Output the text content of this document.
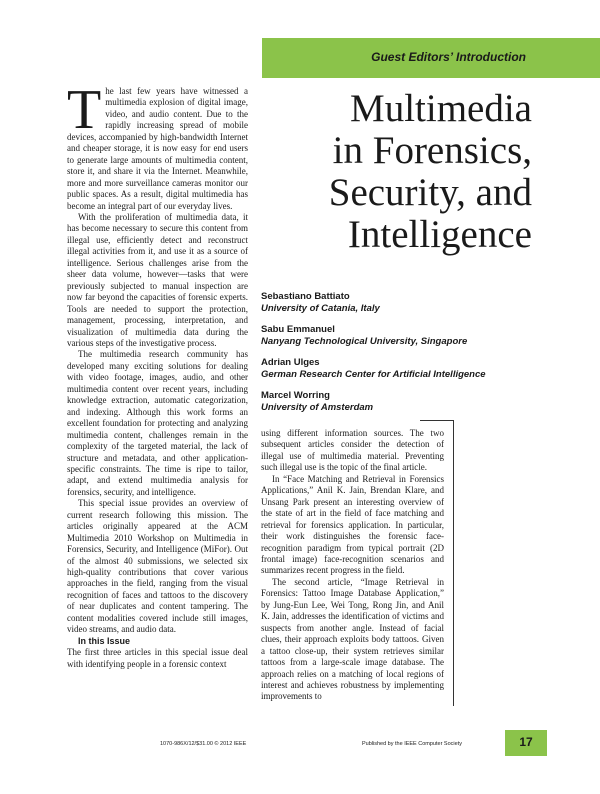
Guest Editors’ Introduction
Multimedia
in Forensics,
Security, and
Intelligence

The last few years have witnessed a multimedia explosion of digital image, video, and audio content. Due to the rapidly increasing spread of mobile devices, accompanied by high-bandwidth Internet and cheaper storage, it is now easy for end users to generate large amounts of multimedia content, store it, and share it via the Internet. Meanwhile, more and more surveillance cameras monitor our public spaces. As a result, digital multimedia has become an integral part of our everyday lives.

With the proliferation of multimedia data, it has become necessary to secure this content from illegal use, efficiently detect and reconstruct illegal activities from it, and use it as a source of intelligence. Serious challenges arise from the sheer data volume, however—tasks that were previously subjected to manual inspection are now far beyond the capacities of forensic experts. Tools are needed to support the protection, management, processing, interpretation, and visualization of multimedia data during the various steps of the investigative process.

The multimedia research community has developed many exciting solutions for dealing with video footage, images, audio, and other multimedia content over recent years, including knowledge extraction, automatic categorization, and indexing. Although this work forms an excellent foundation for protecting and analyzing multimedia content, challenges remain in the complexity of the targeted material, the lack of structure and metadata, and other application-specific constraints. The time is ripe to tailor, adapt, and extend multimedia analysis for forensics, security, and intelligence.

This special issue provides an overview of current research following this mission. The articles originally appeared at the ACM Multimedia 2010 Workshop on Multimedia in Forensics, Security, and Intelligence (MiFor). Out of the almost 40 submissions, we selected six high-quality contributions that cover various approaches in the field, ranging from the visual recognition of faces and tattoos to the discovery of near duplicates and content tampering. The content modalities covered include still images, video streams, and audio data.

In this Issue

The first three articles in this special issue deal with identifying people in a forensic context

Sebastiano Battiato
University of Catania, Italy
Sabu Emmanuel
Nanyang Technological University, Singapore
Adrian Ulges
German Research Center for Artificial Intelligence
Marcel Worring
University of Amsterdam

using different information sources. The two subsequent articles consider the detection of illegal use of multimedia material. Preventing such illegal use is the topic of the final article.

In “Face Matching and Retrieval in Forensics Applications,” Anil K. Jain, Brendan Klare, and Unsang Park present an interesting overview of the state of art in the field of face matching and retrieval for forensics application. In particular, their work distinguishes the forensic face-recognition paradigm from typical portrait (2D frontal image) face-recognition scenarios and summarizes recent progress in the field.

The second article, “Image Retrieval in Forensics: Tattoo Image Database Application,” by Jung-Eun Lee, Wei Tong, Rong Jin, and Anil K. Jain, addresses the identification of victims and suspects from another angle. Instead of facial clues, their approach exploits body tattoos. Given a tattoo close-up, their system retrieves similar tattoos from a large-scale image database. The approach relies on a matching of local regions of interest and achieves robustness by implementing improvements to

1070-986X/12/$31.00 © 2012 IEEE	Published by the IEEE Computer Society	17
